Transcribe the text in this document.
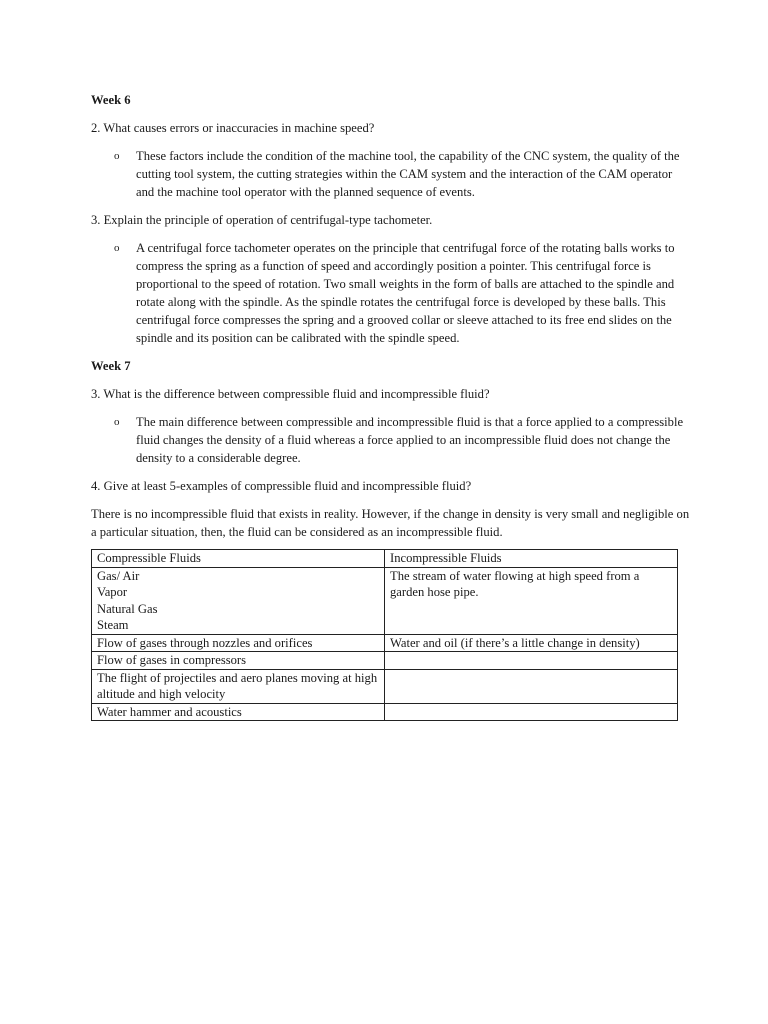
Week 6

2. What causes errors or inaccuracies in machine speed?

o These factors include the condition of the machine tool, the capability of the CNC system, the quality of the cutting tool system, the cutting strategies within the CAM system and the interaction of the CAM operator and the machine tool operator with the planned sequence of events.

3. Explain the principle of operation of centrifugal-type tachometer.

o A centrifugal force tachometer operates on the principle that centrifugal force of the rotating balls works to compress the spring as a function of speed and accordingly position a pointer. This centrifugal force is proportional to the speed of rotation. Two small weights in the form of balls are attached to the spindle and rotate along with the spindle. As the spindle rotates the centrifugal force is developed by these balls. This centrifugal force compresses the spring and a grooved collar or sleeve attached to its free end slides on the spindle and its position can be calibrated with the spindle speed.

Week 7

3. What is the difference between compressible fluid and incompressible fluid?

o The main difference between compressible and incompressible fluid is that a force applied to a compressible fluid changes the density of a fluid whereas a force applied to an incompressible fluid does not change the density to a considerable degree.

4. Give at least 5-examples of compressible fluid and incompressible fluid?

There is no incompressible fluid that exists in reality. However, if the change in density is very small and negligible on a particular situation, then, the fluid can be considered as an incompressible fluid.

Compressible Fluids	Incompressible Fluids

Gas/ Air
Vapor
Natural Gas
Steam	The stream of water flowing at high speed from a garden hose pipe.
Flow of gases through nozzles and orifices	Water and oil (if there’s a little change in density)
Flow of gases in compressors	
The flight of projectiles and aero planes moving at high altitude and high velocity	
Water hammer and acoustics	
